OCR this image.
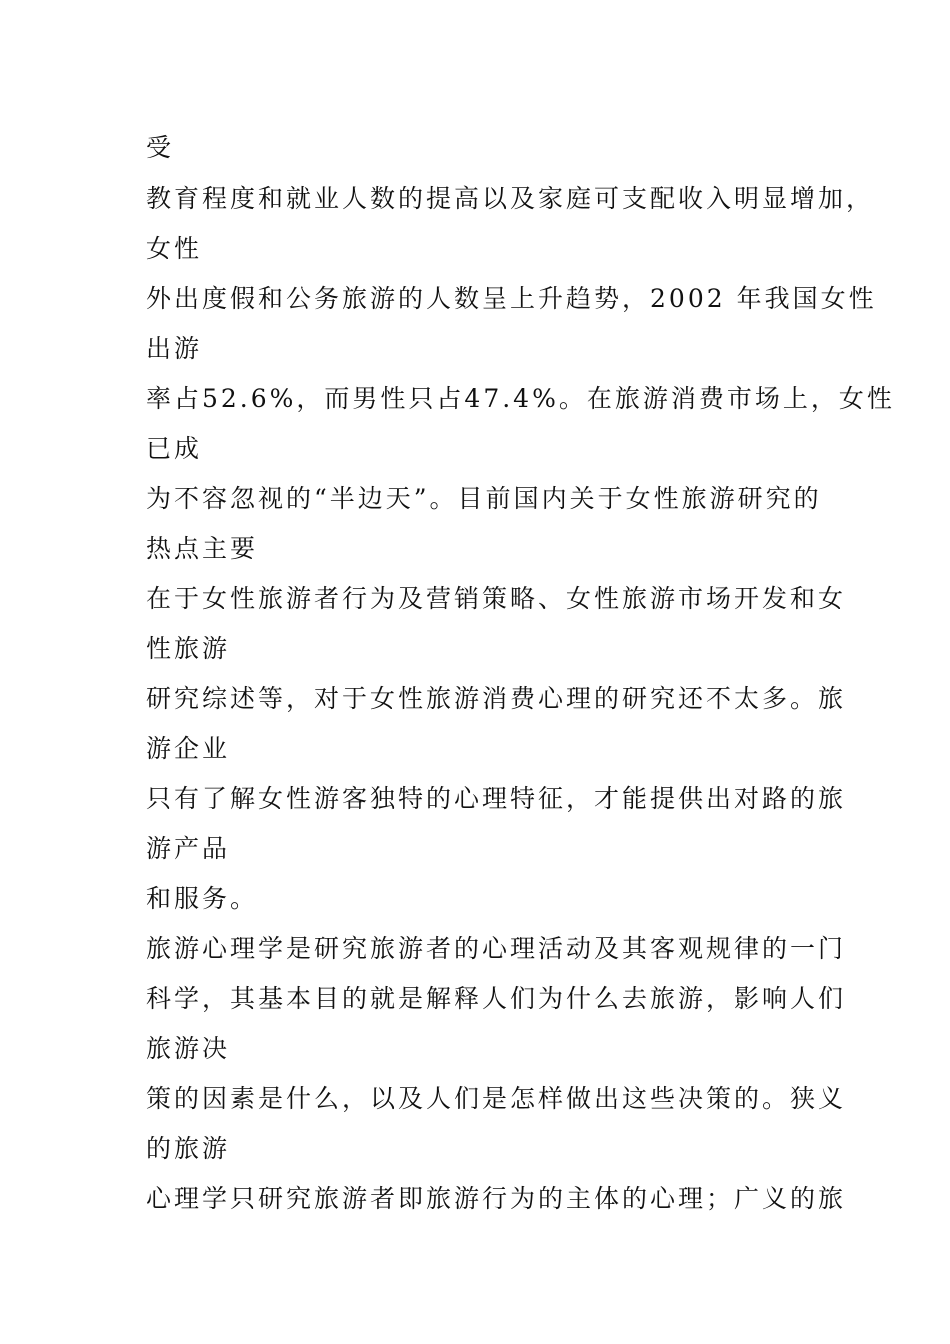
受
教育程度和就业人数的提高以及家庭可支配收入明显增加，
女性
外出度假和公务旅游的人数呈上升趋势，2002 年我国女性
出游
率占52.6%，而男性只占47.4%。在旅游消费市场上，女性
已成
为不容忽视的“半边天”。目前国内关于女性旅游研究的
热点主要
在于女性旅游者行为及营销策略、女性旅游市场开发和女
性旅游
研究综述等，对于女性旅游消费心理的研究还不太多。旅
游企业
只有了解女性游客独特的心理特征，才能提供出对路的旅
游产品
和服务。
旅游心理学是研究旅游者的心理活动及其客观规律的一门
科学，其基本目的就是解释人们为什么去旅游，影响人们
旅游决
策的因素是什么，以及人们是怎样做出这些决策的。狭义
的旅游
心理学只研究旅游者即旅游行为的主体的心理；广义的旅
